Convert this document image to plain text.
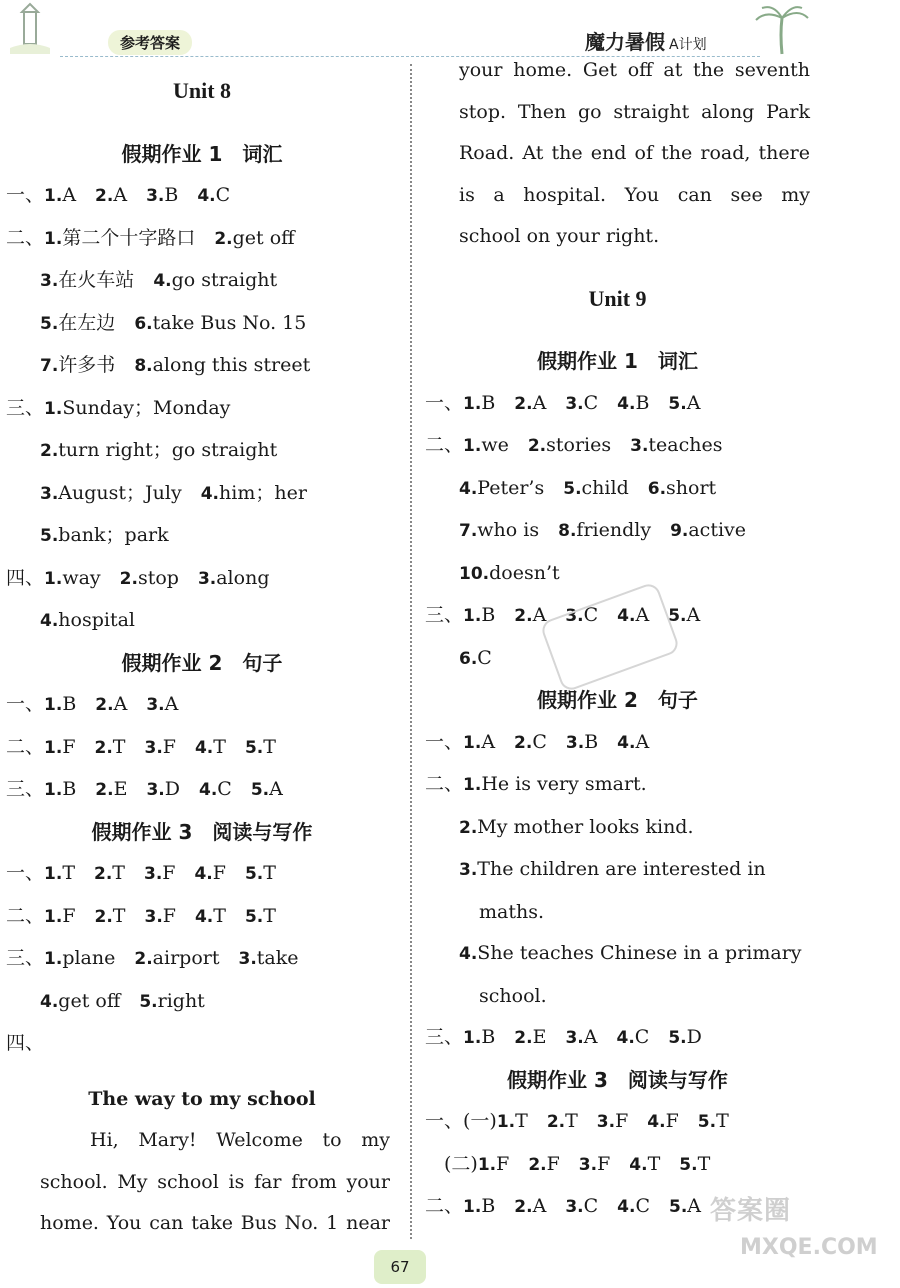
参考答案	魔力暑假 A计划
Unit 8
假期作业 1　词汇
一、1.A  2.A  3.B  4.C
二、1.第二个十字路口  2.get off
3.在火车站  4.go straight
5.在左边  6.take Bus No. 15
7.许多书  8.along this street
三、1.Sunday；Monday
2.turn right；go straight
3.August；July  4.him；her
5.bank；park
四、1.way  2.stop  3.along
4.hospital
假期作业 2　句子
一、1.B  2.A  3.A
二、1.F  2.T  3.F  4.T  5.T
三、1.B  2.E  3.D  4.C  5.A
假期作业 3　阅读与写作
一、1.T  2.T  3.F  4.F  5.T
二、1.F  2.T  3.F  4.T  5.T
三、1.plane  2.airport  3.take
4.get off  5.right
四、
The way to my school
Hi, Mary! Welcome to my
school. My school is far from your
home. You can take Bus No. 1 near
your home. Get off at the seventh
stop. Then go straight along Park
Road. At the end of the road, there
is a hospital. You can see my
school on your right.
Unit 9
假期作业 1　词汇
一、1.B  2.A  3.C  4.B  5.A
二、1.we  2.stories  3.teaches
4.Peter’s  5.child  6.short
7.who is  8.friendly  9.active
10.doesn’t
三、1.B  2.A  3.C  4.A  5.A
6.C
假期作业 2　句子
一、1.A  2.C  3.B  4.A
二、1.He is very smart.
2.My mother looks kind.
3.The children are interested in
maths.
4.She teaches Chinese in a primary
school.
三、1.B  2.E  3.A  4.C  5.D
假期作业 3　阅读与写作
一、(一)1.T  2.T  3.F  4.F  5.T
　(二)1.F  2.F  3.F  4.T  5.T
二、1.B  2.A  3.C  4.C  5.A
67
答案圈
MXQE.COM
